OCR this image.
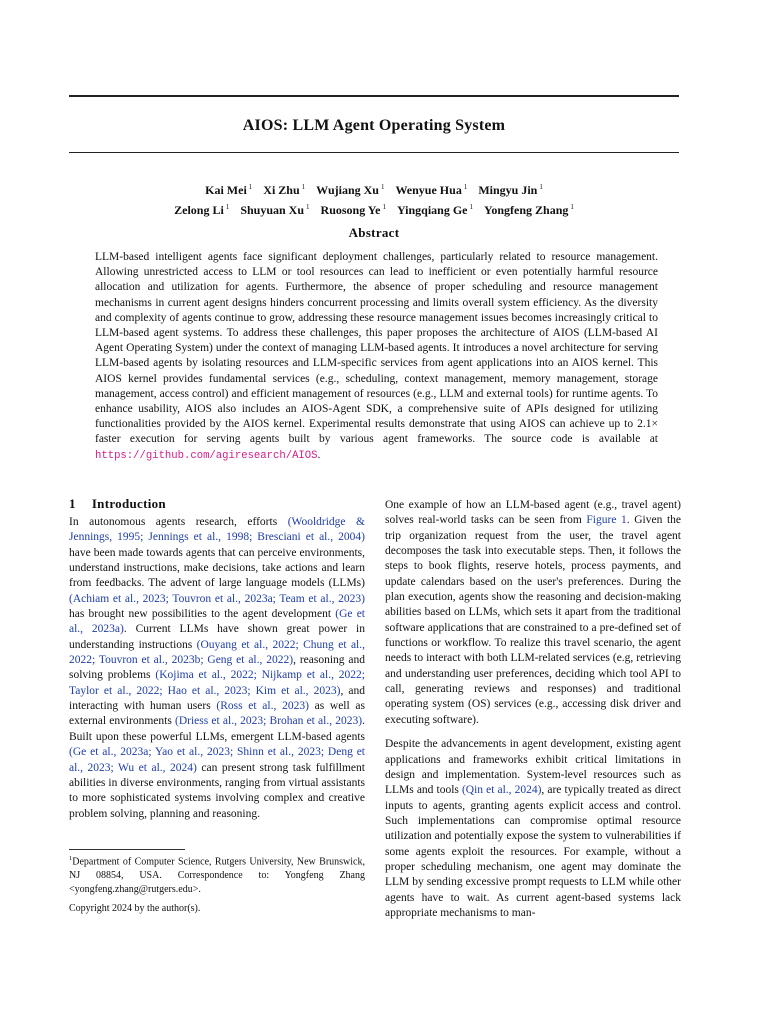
AIOS: LLM Agent Operating System
Kai Mei $^1$ Xi Zhu $^1$ Wujiang Xu $^1$ Wenyue Hua $^1$ Mingyu Jin $^1$
Zelong Li $^1$ Shuyuan Xu $^1$ Ruosong Ye $^1$ Yingqiang Ge $^1$ Yongfeng Zhang $^1$
Abstract
LLM-based intelligent agents face significant deployment challenges, particularly related to resource management. Allowing unrestricted access to LLM or tool resources can lead to inefficient or even potentially harmful resource allocation and utilization for agents. Furthermore, the absence of proper scheduling and resource management mechanisms in current agent designs hinders concurrent processing and limits overall system efficiency. As the diversity and complexity of agents continue to grow, addressing these resource management issues becomes increasingly critical to LLM-based agent systems. To address these challenges, this paper proposes the architecture of AIOS (LLM-based AI Agent Operating System) under the context of managing LLM-based agents. It introduces a novel architecture for serving LLM-based agents by isolating resources and LLM-specific services from agent applications into an AIOS kernel. This AIOS kernel provides fundamental services (e.g., scheduling, context management, memory management, storage management, access control) and efficient management of resources (e.g., LLM and external tools) for runtime agents. To enhance usability, AIOS also includes an AIOS-Agent SDK, a comprehensive suite of APIs designed for utilizing functionalities provided by the AIOS kernel. Experimental results demonstrate that using AIOS can achieve up to 2.1× faster execution for serving agents built by various agent frameworks. The source code is available at https://github.com/agiresearch/AIOS.
1 Introduction

In autonomous agents research, efforts (Wooldridge & Jennings, 1995; Jennings et al., 1998; Bresciani et al., 2004) have been made towards agents that can perceive environments, understand instructions, make decisions, take actions and learn from feedbacks. The advent of large language models (LLMs) (Achiam et al., 2023; Touvron et al., 2023a; Team et al., 2023) has brought new possibilities to the agent development (Ge et al., 2023a). Current LLMs have shown great power in understanding instructions (Ouyang et al., 2022; Chung et al., 2022; Touvron et al., 2023b; Geng et al., 2022), reasoning and solving problems (Kojima et al., 2022; Nijkamp et al., 2022; Taylor et al., 2022; Hao et al., 2023; Kim et al., 2023), and interacting with human users (Ross et al., 2023) as well as external environments (Driess et al., 2023; Brohan et al., 2023). Built upon these powerful LLMs, emergent LLM-based agents (Ge et al., 2023a; Yao et al., 2023; Shinn et al., 2023; Deng et al., 2023; Wu et al., 2024) can present strong task fulfillment abilities in diverse environments, ranging from virtual assistants to more sophisticated systems involving complex and creative problem solving, planning and reasoning.

$^1$Department of Computer Science, Rutgers University, New Brunswick, NJ 08854, USA. Correspondence to: Yongfeng Zhang <yongfeng.zhang@rutgers.edu>.
Copyright 2024 by the author(s).

One example of how an LLM-based agent (e.g., travel agent) solves real-world tasks can be seen from Figure 1. Given the trip organization request from the user, the travel agent decomposes the task into executable steps. Then, it follows the steps to book flights, reserve hotels, process payments, and update calendars based on the user's preferences. During the plan execution, agents show the reasoning and decision-making abilities based on LLMs, which sets it apart from the traditional software applications that are constrained to a pre-defined set of functions or workflow. To realize this travel scenario, the agent needs to interact with both LLM-related services (e.g, retrieving and understanding user preferences, deciding which tool API to call, generating reviews and responses) and traditional operating system (OS) services (e.g., accessing disk driver and executing software).

Despite the advancements in agent development, existing agent applications and frameworks exhibit critical limitations in design and implementation. System-level resources such as LLMs and tools (Qin et al., 2024), are typically treated as direct inputs to agents, granting agents explicit access and control. Such implementations can compromise optimal resource utilization and potentially expose the system to vulnerabilities if some agents exploit the resources. For example, without a proper scheduling mechanism, one agent may dominate the LLM by sending excessive prompt requests to LLM while other agents have to wait. As current agent-based systems lack appropriate mechanisms to man-
